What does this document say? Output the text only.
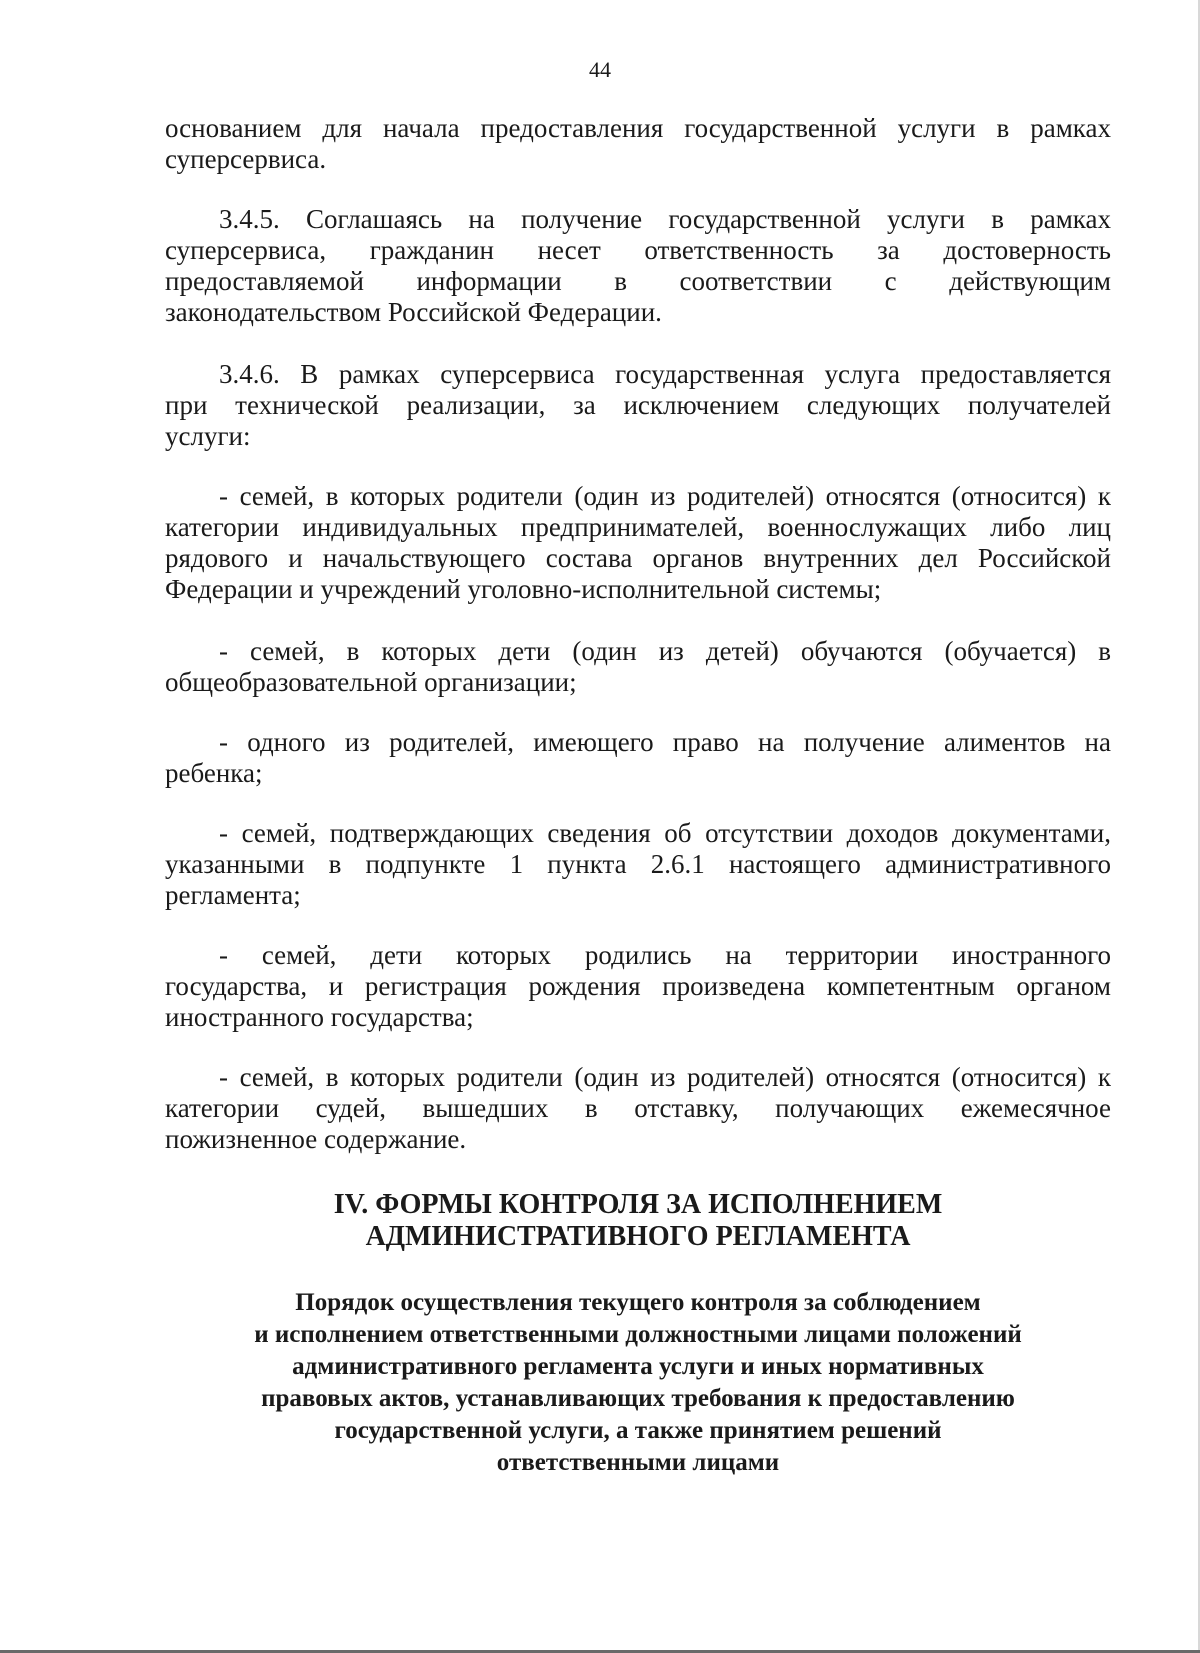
44
основанием для начала предоставления государственной услуги в рамках
суперсервиса.
3.4.5. Соглашаясь на получение государственной услуги в рамках
суперсервиса, гражданин несет ответственность за достоверность
предоставляемой информации в соответствии с действующим
законодательством Российской Федерации.
3.4.6. В рамках суперсервиса государственная услуга предоставляется
при технической реализации, за исключением следующих получателей
услуги:
- семей, в которых родители (один из родителей) относятся (относится) к
категории индивидуальных предпринимателей, военнослужащих либо лиц
рядового и начальствующего состава органов внутренних дел Российской
Федерации и учреждений уголовно-исполнительной системы;
- семей, в которых дети (один из детей) обучаются (обучается) в
общеобразовательной организации;
- одного из родителей, имеющего право на получение алиментов на
ребенка;
- семей, подтверждающих сведения об отсутствии доходов документами,
указанными в подпункте 1 пункта 2.6.1 настоящего административного
регламента;
- семей, дети которых родились на территории иностранного
государства, и регистрация рождения произведена компетентным органом
иностранного государства;
- семей, в которых родители (один из родителей) относятся (относится) к
категории судей, вышедших в отставку, получающих ежемесячное
пожизненное содержание.
IV. ФОРМЫ КОНТРОЛЯ ЗА ИСПОЛНЕНИЕМ
АДМИНИСТРАТИВНОГО РЕГЛАМЕНТА
Порядок осуществления текущего контроля за соблюдением
и исполнением ответственными должностными лицами положений
административного регламента услуги и иных нормативных
правовых актов, устанавливающих требования к предоставлению
государственной услуги, а также принятием решений
ответственными лицами
